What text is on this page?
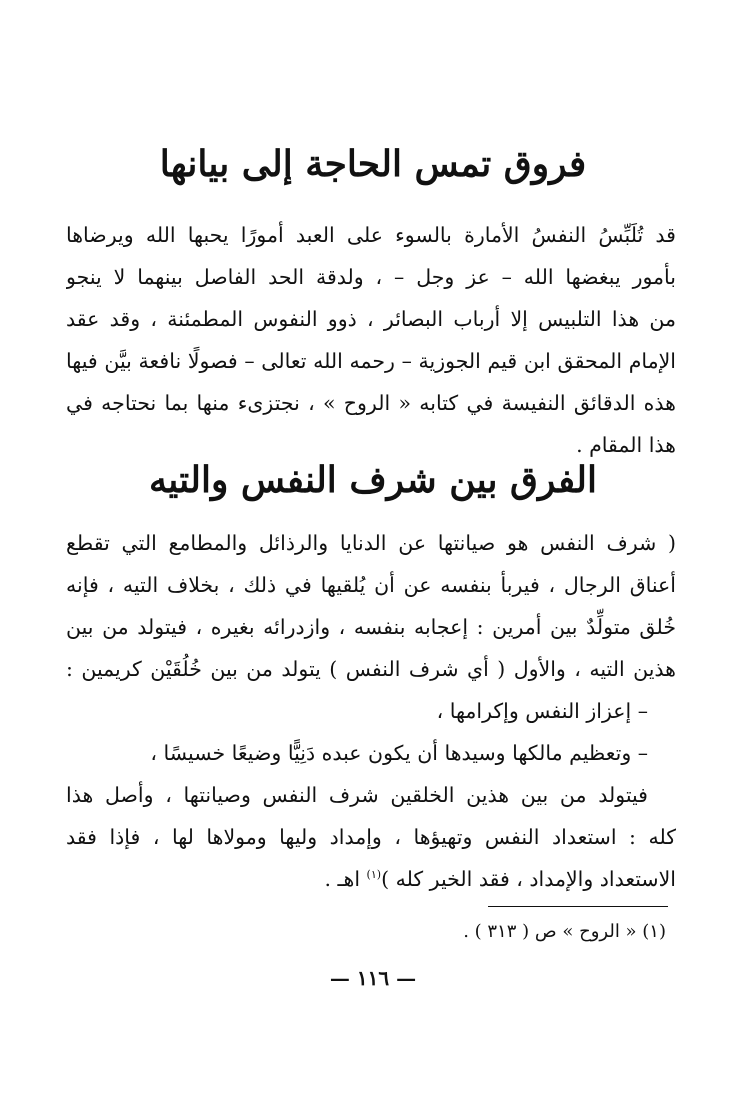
فروق تمس الحاجة إلى بيانها
قد تُلَبِّسُ النفسُ الأمارة بالسوء على العبد أمورًا يحبها الله ويرضاها
بأمور يبغضها الله – عز وجل – ، ولدقة الحد الفاصل بينهما لا ينجو
من هذا التلبيس إلا أرباب البصائر ، ذوو النفوس المطمئنة ، وقد عقد
الإمام المحقق ابن قيم الجوزية – رحمه الله تعالى – فصولًا نافعة بيَّن فيها
هذه الدقائق النفيسة في كتابه « الروح » ، نجتزىء منها بما نحتاجه في
هذا المقام .
الفرق بين شرف النفس والتيه
( شرف النفس هو صيانتها عن الدنايا والرذائل والمطامع التي تقطع
أعناق الرجال ، فيربأ بنفسه عن أن يُلقيها في ذلك ، بخلاف التيه ، فإنه
خُلق متولِّدٌ بين أمرين : إعجابه بنفسه ، وازدرائه بغيره ، فيتولد من بين
هذين التيه ، والأول ( أي شرف النفس ) يتولد من بين خُلُقَيْن كريمين :
– إعزاز النفس وإكرامها ،
– وتعظيم مالكها وسيدها أن يكون عبده دَنِيًّا وضيعًا خسيسًا ،
فيتولد من بين هذين الخلقين شرف النفس وصيانتها ، وأصل هذا
كله : استعداد النفس وتهيؤها ، وإمداد وليها ومولاها لها ، فإذا فقد
الاستعداد والإمداد ، فقد الخير كله )$^{(١)}$ اهـ .
(١) « الروح » ص ( ٣١٣ ) .
— ١١٦ —
